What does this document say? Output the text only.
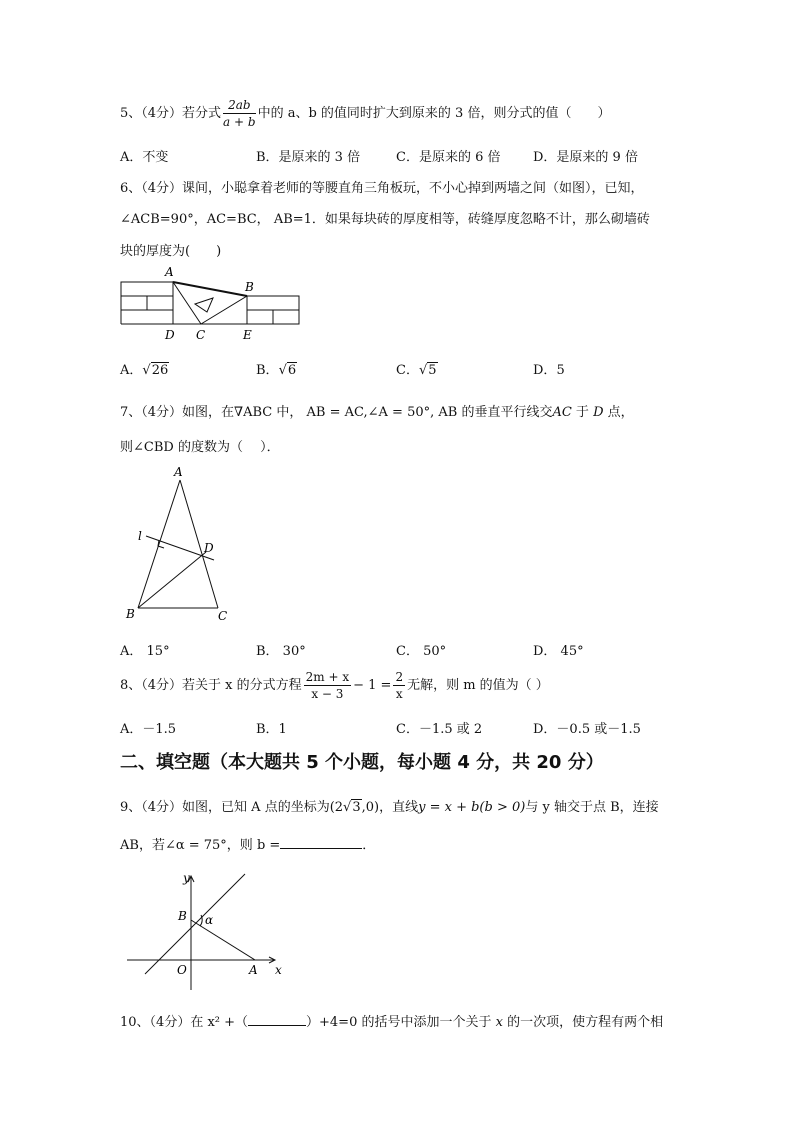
5、（4分）若分式 $\frac{2ab}{a + b}$ 中的 a、b 的值同时扩大到原来的 3 倍，则分式的值（　　）
A．不变	B．是原来的 3 倍	C．是原来的 6 倍	D．是原来的 9 倍
6、（4分）课间，小聪拿着老师的等腰直角三角板玩，不小心掉到两墙之间（如图），已知，
∠ACB=90°，AC=BC， AB=1．如果每块砖的厚度相等，砖缝厚度忽略不计，那么砌墙砖
块的厚度为(　　)
A
B
C
D	E
A．√26	B．√6	C．√5	D．5
7、（4分）如图，在∇ABC 中， AB = AC,∠A = 50°, AB 的垂直平行线交AC 于 D 点，
则∠CBD 的度数为（　 ）．
A
l
D
B	C
A． 15°	B． 30°	C． 50°	D． 45°
8、（4分）若关于 x 的分式方程 $\frac{2m + x}{x - 3} - 1 = \frac{2}{x}$ 无解，则 m 的值为（ ）
A．－1.5	B．1	C．－1.5 或 2	D．－0.5 或－1.5
二、填空题（本大题共 5 个小题，每小题 4 分，共 20 分）
9、（4分）如图，已知 A 点的坐标为(2√3,0)，直线y = x + b(b > 0)与 y 轴交于点 B，连接
AB，若∠α = 75°，则 b =	．
y
B α
O	A x
10、（4分）在 x² +（	）+4=0 的括号中添加一个关于 x 的一次项，使方程有两个相
